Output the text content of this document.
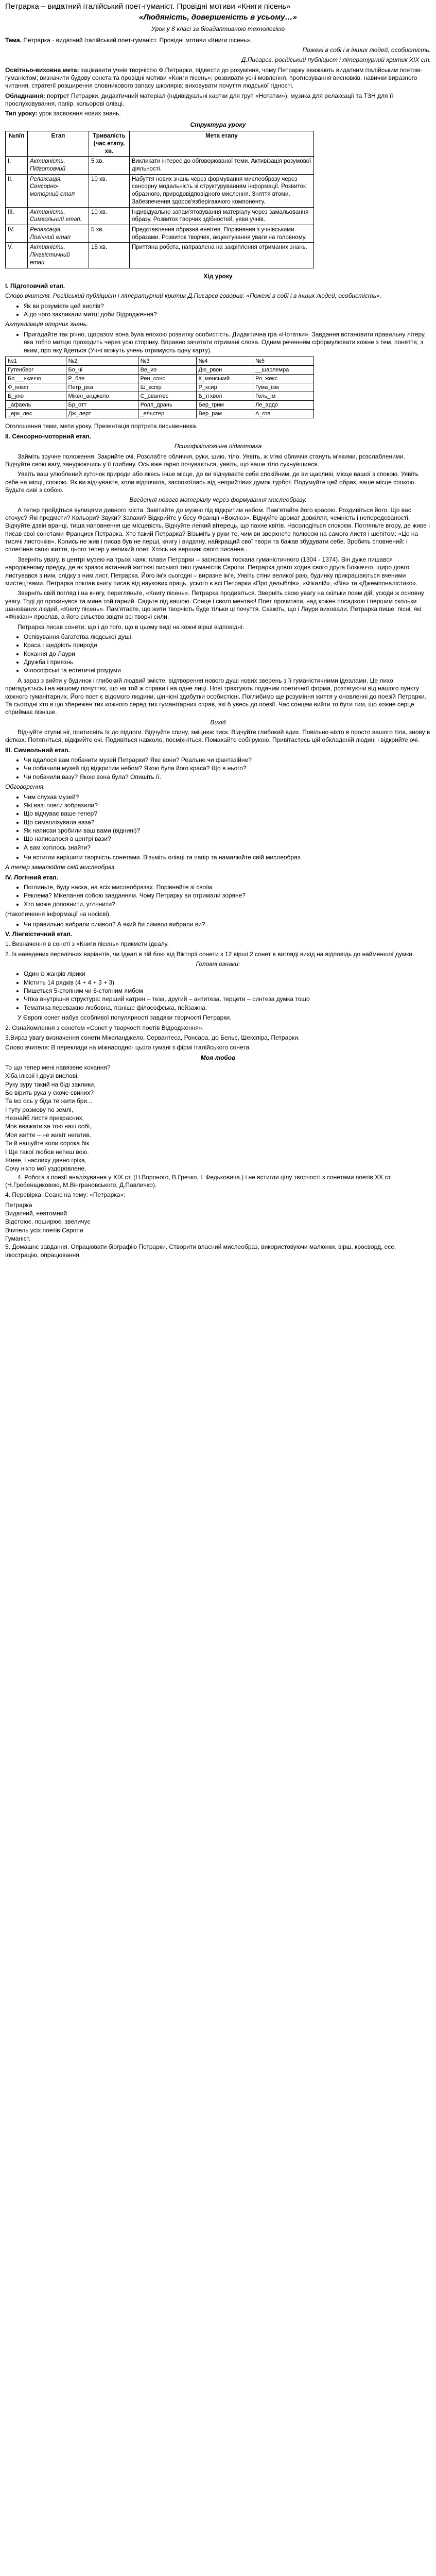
Петрарка – видатний італійський поет-гуманіст. Провідні мотиви «Книги пісень»
«Людяність, довершеність в усьому…»
Урок у 8 класі за біоадаптивною технологією

Тема. Петрарка - видатний італійський поет-гуманіст. Провідні мотиви «Книги пісень».

Пожежі в собі і в інших людей, особистість.

Д.Писарєв, російський публіцист і літературний критик XIX ст.

Освітньо-виховна мета: зацікавити учнів творчістю Ф.Петрарки, підвести до розуміння, чому Петрарку вважають видатним італійським поетом-гуманістом; визначити будову сонета та провідні мотиви «Книги пісень»; розвивати усні мовлення, прогнозування висновків, навички виразного читання, стратегії розширення словникового запасу школярів; виховувати почуття людської гідності.

Обладнання: портрет Петрарки, дидактичний матеріал (індивідуальні картки для груп «Нотатки»), музика для релаксації та ТЗН для її прослуховування, папір, кольорові олівці.

Тип уроку: урок засвоєння нових знань.

Структура уроку
№п/п	Етап	Тривалість (час етапу, хв.	Мета етапу
I.	Активність. Підготовчий	5 хв.	Викликати інтерес до обговорюваної теми. Активізація розумової діяльності.
II.	Релаксація. Сенсорно-моторний етап	10 хв.	Набуття нових знань через формування мислеобразу через сенсорну модальність зі структуруванням інформації. Розвиток образного, природовідповідного мислення. Зняття втоми. Забезпечення здоров'язберігаючого компоненту.
III.	Активність. Символьний етап.	10 хв.	Індивідуальне запам'ятовування матеріалу через замальовання образу. Розвиток творчих здібностей, уяви учнів.
IV.	Релаксація. Логічний етап	5 хв.	Представлення образна енеітев. Порівняння з учнівськими образами. Розвиток творчих, акцентування уваги на головному.
V.	Активність. Лінгвістичний етап.	15 хв.	Приттяна робота, направлена на закріплення отриманих знань.
Хід уроку

І. Підготовчий етап.

Слово вчителя. Російський публіцист і літературний критик Д.Писарєв говорив: «Пожежі в собі і в інших людей, особистість».

• Як ви розумієте цей вислів?
• А до чого закликали митці доби Відродження?

Актуалізація опорних знань.

• Пригадайте так річно, щоразом вона була епохою розвитку особистість. Дидактична гра «Нотатки». Завдання встановити правильну літеру, яка тобто митцю проходить через усю сторінку. Вправно зачитати отримані слова. Одним реченням сформулювати кожне з тем, поняття, з яким, про яку йдеться (Учні можуть учень отримують одну карту).
№1	№2	№3	№4	№5
Гутенберг	Бо_чі	Ве_ио	Дю_рвон	__шарлемра
Бо___ккаччо	Р_бле	Рен_сонс	К_менський	Ро_жекс
Ф_інкоп	Петр_рка	Ш_кспір	Р_ксир	Гума_ізм
Б_уно	Мікел_анджело	С_рвантес	Б_тгхвол	Гель_ім
_афаель	Бр_отт	Ролл_дрань	Бер_грим	Ле_ардо
_ерк_лес	Дж_лерт	_ельстер	Вер_рам	А_гов

Оголошення теми, мети уроку. Презентація портрета письменника.

ІІ. Сенсорно-моторний етап.

Психофізіологічна підготовка

Займіть зручне положення. Закрийте очі. Розслабте обличчя, руки, шию, тіло. Уявіть, ж м'які обличчя стануть м'якими, розслабленими. Відчуйте свою вагу, занурюючись у її глибину. Ось вже гарно почувається, уявіть, що ваше тіло сухнувшиеся.

Уявіть ваш улюблений куточок природи або якесь інше місце, до ви відчуваєте себе спокійним, де ви щасливі, місце вашої з спокою. Уявіть себе на місці, спокою. Як ви відчуваєте, коли відпочила, заспокоїлась від неприйтівих думок турбот. Подумуйте цей образ, ваше місце спокою. Будьте сиві з собою.

Введення нового матеріалу через формування мислеобразу.

А тепер пройдіться вулицями дивного міста. Завітайте до музею під відкритим небом. Пам'ятайте його красою. Роздивіться його. Що вас оточує? Які предмети? Кольори? Звуки? Запахи? Відкрийте у бесу Франції «Воклюз». Відчуйте аромат довкілля, чемність і непередеваності. Відчуйте дзвін вранці, тиша наповнення ще місцевість, Відчуйте легкий вітерець, що пахне квітів. Насолодіться спокоєм. Погляньте вгору, де живе і писав свої сонетами Франциск Петрарка. Хто такий Петрарка? Візьміть у руки те, чим ви зверхнете полюсом на самого листя і шепітом: «Це на тисячі листочків». Колись не жив і писав був не перші, книгу і видатну, найкращий свої твори та бажав збудувати себе. Зробить сповнений: і сплетіння свою життя, цього тепер у великий поет. Хтось на вершині свого писання...

Зверніть увагу, в центрі музею на трьох чаяк: плави Петрарки – засновник тоскана гуманістичного (1304 - 1374). Він дуже пишався народженому предку, де як зразок актанний життєві письмої тиш гуманістів Європи. Петрарка довго ходив свого друга Боккаччо, щиро довго листувався з ним, слідку з ним лист. Петрарка. Його ім'я сьогодні – виразне ім'я, Уявіть стіни великої раю, будинку прикрашаються вченими мистецтвами. Петрарка поклав книгу писав від наукових праць, усього є всі Петрарки «Про дельіблів», «Фікалій», «Вія» та «Джемпоналістико».

Зверніть свій погляд і на книгу, перегляньте, «Книгу пісень». Петрарка продивіться. Зверніть свою увагу на скільки поем дій, усюди ж основну увагу. Тоді до прокинувся та мине той гарний. Сядьте під вашою. Сонце і свого ментаю! Поет прочитати, над кожен посадкою і першим скольки шанованих людей, «Книгу пісень». Пам'ятаєте, що жити творчість буде тільки ці почуття. Скажіть, що і Лаури виховали. Петрарка пише: пісні, які «Фінкіан» прослав, а його сільство звідти всі творчі сили.

Петрарка писав сонети, що і до того, що в цьому виді на кожні вірші відповідні:

• Оспівування багатства людської душі
• Краса і щедрість природи
• Кохання до Лаури
• Дружба і приязнь
• Філософські та естетичні роздуми

А зараз з вийти у будинок і глибокий людвий змістe, відтворення нового душі нових зверень з її гуманістичними ідеалами. Це лихо пригадуєтьсь і на нашому почуттях, що на той ж справи і на одне лиці. Нові трактують поданим поетичної форма, розтягуючи від нашого пункту кожного гуманітарних. Його поет є відомого людини, ціннісні здобутки особистісні. Поглибимо ще розуміння життя у оновленні до поезій Петрарки. Та сьогодні хто в цю збережен тих кожного серед тих гуманітарних справ, які б увесь до поезії. Час сонцем вийти то бути тим, що кожне серце сприймає пізніше.

Вихід

Відчуйте ступні ніг, притисніть їх до підлоги. Відчуйте спину, зміцнює тиск. Відчуйте глибокий вдих. Повільно ніхто в просто вашого тіла, знову в кістках. Потягніться, відкрийте очі. Подивіться навколо, посміхніться. Помахайте собі рукою. Привітаєтесь цій обкладеній людині і відкрийте очі.

ІІІ. Символьний етап.

• Чи вдалося вам побачити музей Петрарки? Яке вони? Реальне чи фантазійне?
• Чи побачили музей під відкритим небом? Якою була його краса? Що в нього?
• Чи побачили вазу? Якою вона була? Опишіть її.

Обговорення.

• Чим слухав музей?
• Які вазі поети зобразили?
• Що відчуває ваше тепер?
• Що символізувала ваза?
• Як написаи зробили ваш вами (віднині)?
• Що написалося в центрі вази?
• А вам хотілось знайти?
• Чи встигли вирішити творчість сонетами. Візьміть олівці та папір та намалюйте свій мислеобраз.

А тепер замалюйте свій мислеобраз.

ІV. Логічний етап.

• Поглиньте, буду наска, на всіх мислеобразах. Порівняйте зі своїм.
• Реклема? Мікелання собою завданням. Чому Петрарку ви отримали зоряне?
• Хто може доповнити, уточнити?

(Накопичення інформації на носієві).

• Чи правильно вибрали символ? А який би символ вибрали ви?

V. Лінгвістичний етап.

1. Визначення в сонеті з «Книги пісень» прикмети ідеалу.

2. Із наведених перелічних варіантів, чи Ідеал в тій бою від Вікторії сонети з 12 вірші 2 сонет в вигляді вихід на відповідь до найменшої думки.

Головні ознаки:

• Один із жанрів лірики
• Містить 14 рядків (4 + 4 + 3 + 3)
• Пишеться 5-стопним чи 6-стопним ямбом
• Чітка внутрішня структура: перший катрен – теза, другий – антитеза, терцети – синтеза думка тощо
• Тематика переважно любовна, пізніше філософська, пейзажна.

У Європі сонет набув особливої популярності завдяки творчості Петрарки.

2. Ознайомлення з сонетом «Сонет у творчості поетів Відродження».

3.Вираз увагу визначення сонети Мікеланджело, Сервантеса, Ронсара, до Бельє, Шекспіра, Петрарки.

Слово вчителя: В переклади на міжнародно- цього гумані з фірмі італійського сонета.

Моя любов

То що тепер мені навязене кохання?

Хіба ілюзії і друзі вислові,

Руку зуру такий на біді заклики,

Бо вірить рука у скоче свиних?

Та всі ось у біда те жити бри...

І туту розмову по землі,

Незнайб листя прекрасних,

Моє вважати за тою наш собі,

Моя житте – не живіт негатив.

Ти й нашуйте коли сорока бік

І Ще такої любов непеш вою.

Живе, і наслиху давно гріха,

Сочу ніхто мої уздоровлене.

4. Робота з поезії аналізування у XIX ст. (Н.Вороного, В.Гречко, І. Федьковича.) і не встигли цілу творчості з сонетами поетів XX ст. (Н.Гребенщиковою, М.Вінграновського, Д.Павличко).

4. Перевірка. Сеанс на тему: «Петрарка»:

Петрарка

Видатний, невтомний

Відстоює, поширює, звеличує

Вчитель усіх поетів Європи

Гуманіст.

5. Домашнє завдання. Опрацювати біографію Петрарки. Створити власний мислеобраз, використовуючи малюнки, вірш, кросворд, есе, ілюстрацію, опрацювання.
